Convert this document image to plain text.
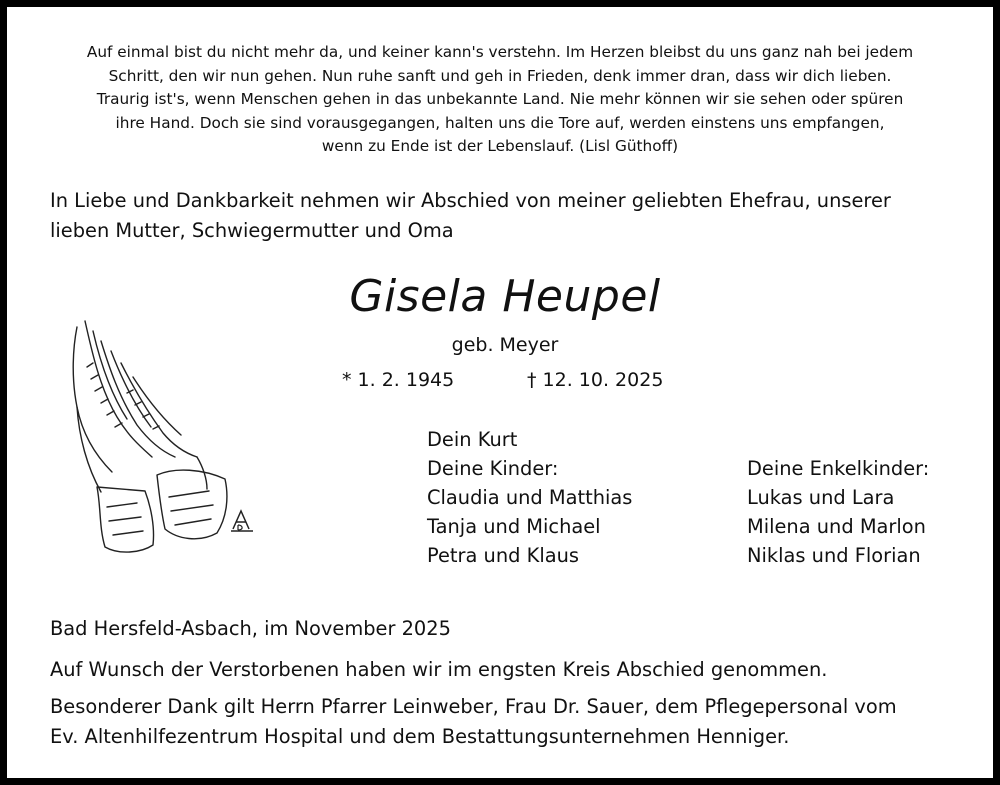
Auf einmal bist du nicht mehr da, und keiner kann's verstehn. Im Herzen bleibst du uns ganz nah bei jedem
Schritt, den wir nun gehen. Nun ruhe sanft und geh in Frieden, denk immer dran, dass wir dich lieben.
Traurig ist's, wenn Menschen gehen in das unbekannte Land. Nie mehr können wir sie sehen oder spüren
ihre Hand. Doch sie sind vorausgegangen, halten uns die Tore auf, werden einstens uns empfangen,
wenn zu Ende ist der Lebenslauf. (Lisl Güthoff)
In Liebe und Dankbarkeit nehmen wir Abschied von meiner geliebten Ehefrau, unserer
lieben Mutter, Schwiegermutter und Oma
Gisela Heupel
geb. Meyer
* 1. 2. 1945	† 12. 10. 2025
Dein Kurt
Deine Kinder:
Claudia und Matthias
Tanja und Michael
Petra und Klaus
Deine Enkelkinder:
Lukas und Lara
Milena und Marlon
Niklas und Florian
Bad Hersfeld-Asbach, im November 2025
Auf Wunsch der Verstorbenen haben wir im engsten Kreis Abschied genommen.
Besonderer Dank gilt Herrn Pfarrer Leinweber, Frau Dr. Sauer, dem Pflegepersonal vom
Ev. Altenhilfezentrum Hospital und dem Bestattungsunternehmen Henniger.
